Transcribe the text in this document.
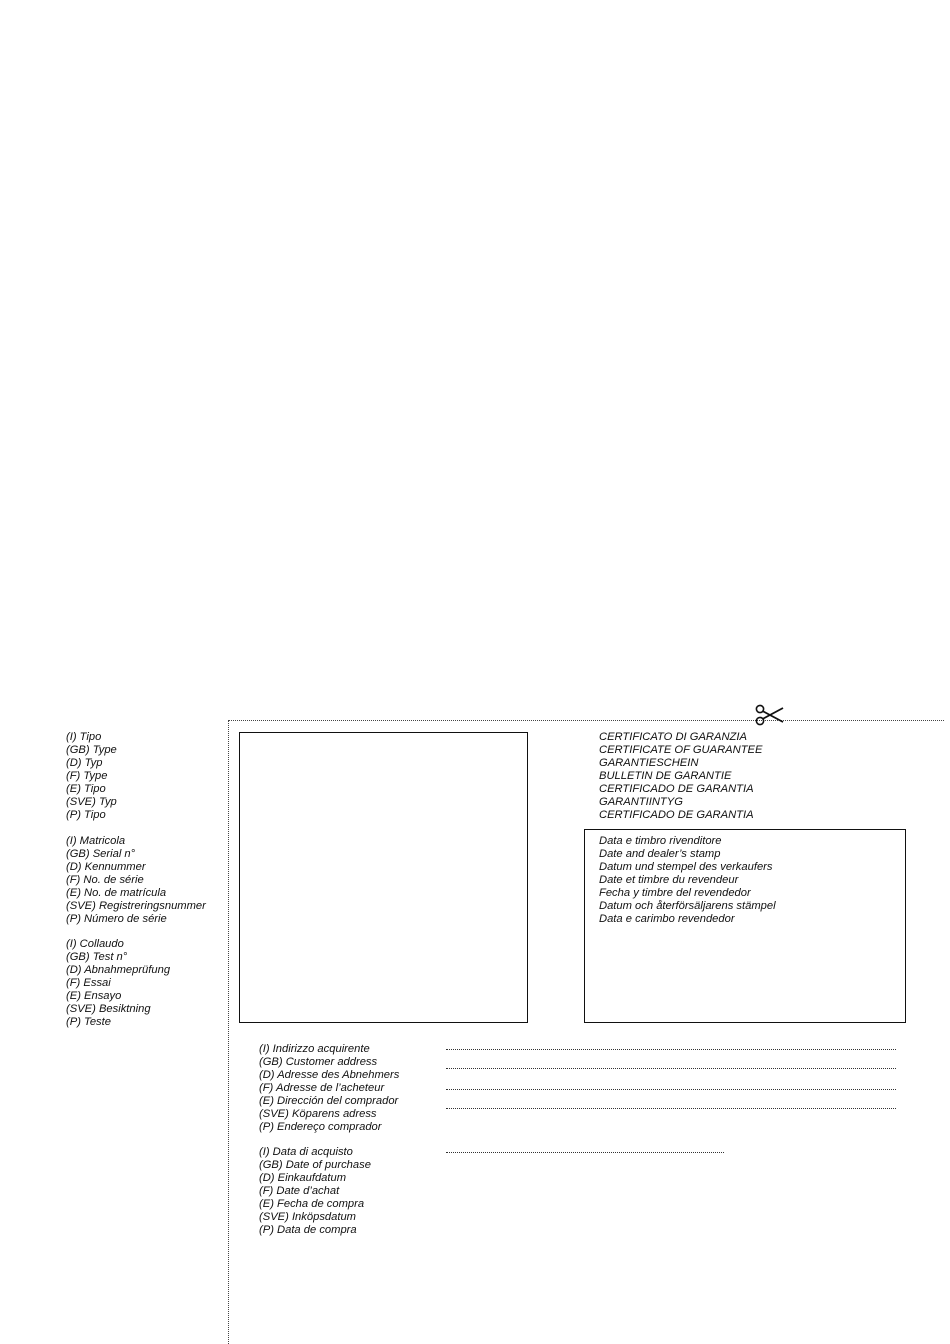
(I) Tipo
(GB) Type
(D) Typ
(F) Type
(E) Tipo
(SVE) Typ
(P) Tipo
(I) Matricola
(GB) Serial n°
(D) Kennummer
(F) No. de série
(E) No. de matrícula
(SVE) Registreringsnummer
(P) Número de série
(I) Collaudo
(GB) Test n°
(D) Abnahmeprüfung
(F) Essai
(E) Ensayo
(SVE) Besiktning
(P) Teste
CERTIFICATO DI GARANZIA
CERTIFICATE OF GUARANTEE
GARANTIESCHEIN
BULLETIN DE GARANTIE
CERTIFICADO DE GARANTIA
GARANTIINTYG
CERTIFICADO DE GARANTIA
Data e timbro rivenditore
Date and dealer’s stamp
Datum und stempel des verkaufers
Date et timbre du revendeur
Fecha y timbre del revendedor
Datum och återförsäljarens stämpel
Data e carimbo revendedor
(I) Indirizzo acquirente
(GB) Customer address
(D) Adresse des Abnehmers
(F) Adresse de l’acheteur
(E) Dirección del comprador
(SVE) Köparens adress
(P) Endereço comprador
(I) Data di acquisto
(GB) Date of purchase
(D) Einkaufdatum
(F) Date d’achat
(E) Fecha de compra
(SVE) Inköpsdatum
(P) Data de compra
